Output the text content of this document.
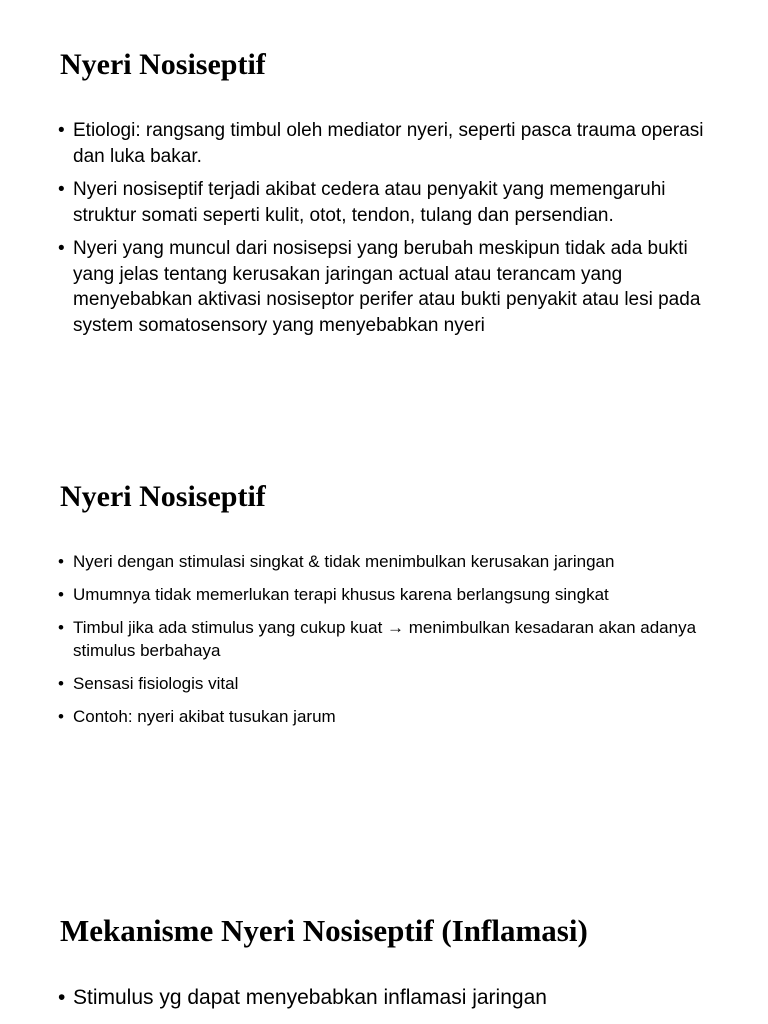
Nyeri Nosiseptif
• Etiologi: rangsang timbul oleh mediator nyeri, seperti pasca trauma operasi dan luka bakar.
• Nyeri nosiseptif terjadi akibat cedera atau penyakit yang memengaruhi struktur somati seperti kulit, otot, tendon, tulang dan persendian.
• Nyeri yang muncul dari nosisepsi yang berubah meskipun tidak ada bukti yang jelas tentang kerusakan jaringan actual atau terancam yang menyebabkan aktivasi nosiseptor perifer atau bukti penyakit atau lesi pada system somatosensory yang menyebabkan nyeri
Nyeri Nosiseptif
• Nyeri dengan stimulasi singkat & tidak menimbulkan kerusakan jaringan
• Umumnya tidak memerlukan terapi khusus karena berlangsung singkat
• Timbul jika ada stimulus yang cukup kuat → menimbulkan kesadaran akan adanya stimulus berbahaya
• Sensasi fisiologis vital
• Contoh: nyeri akibat tusukan jarum
Mekanisme Nyeri Nosiseptif (Inflamasi)
• Stimulus yg dapat menyebabkan inflamasi jaringan
